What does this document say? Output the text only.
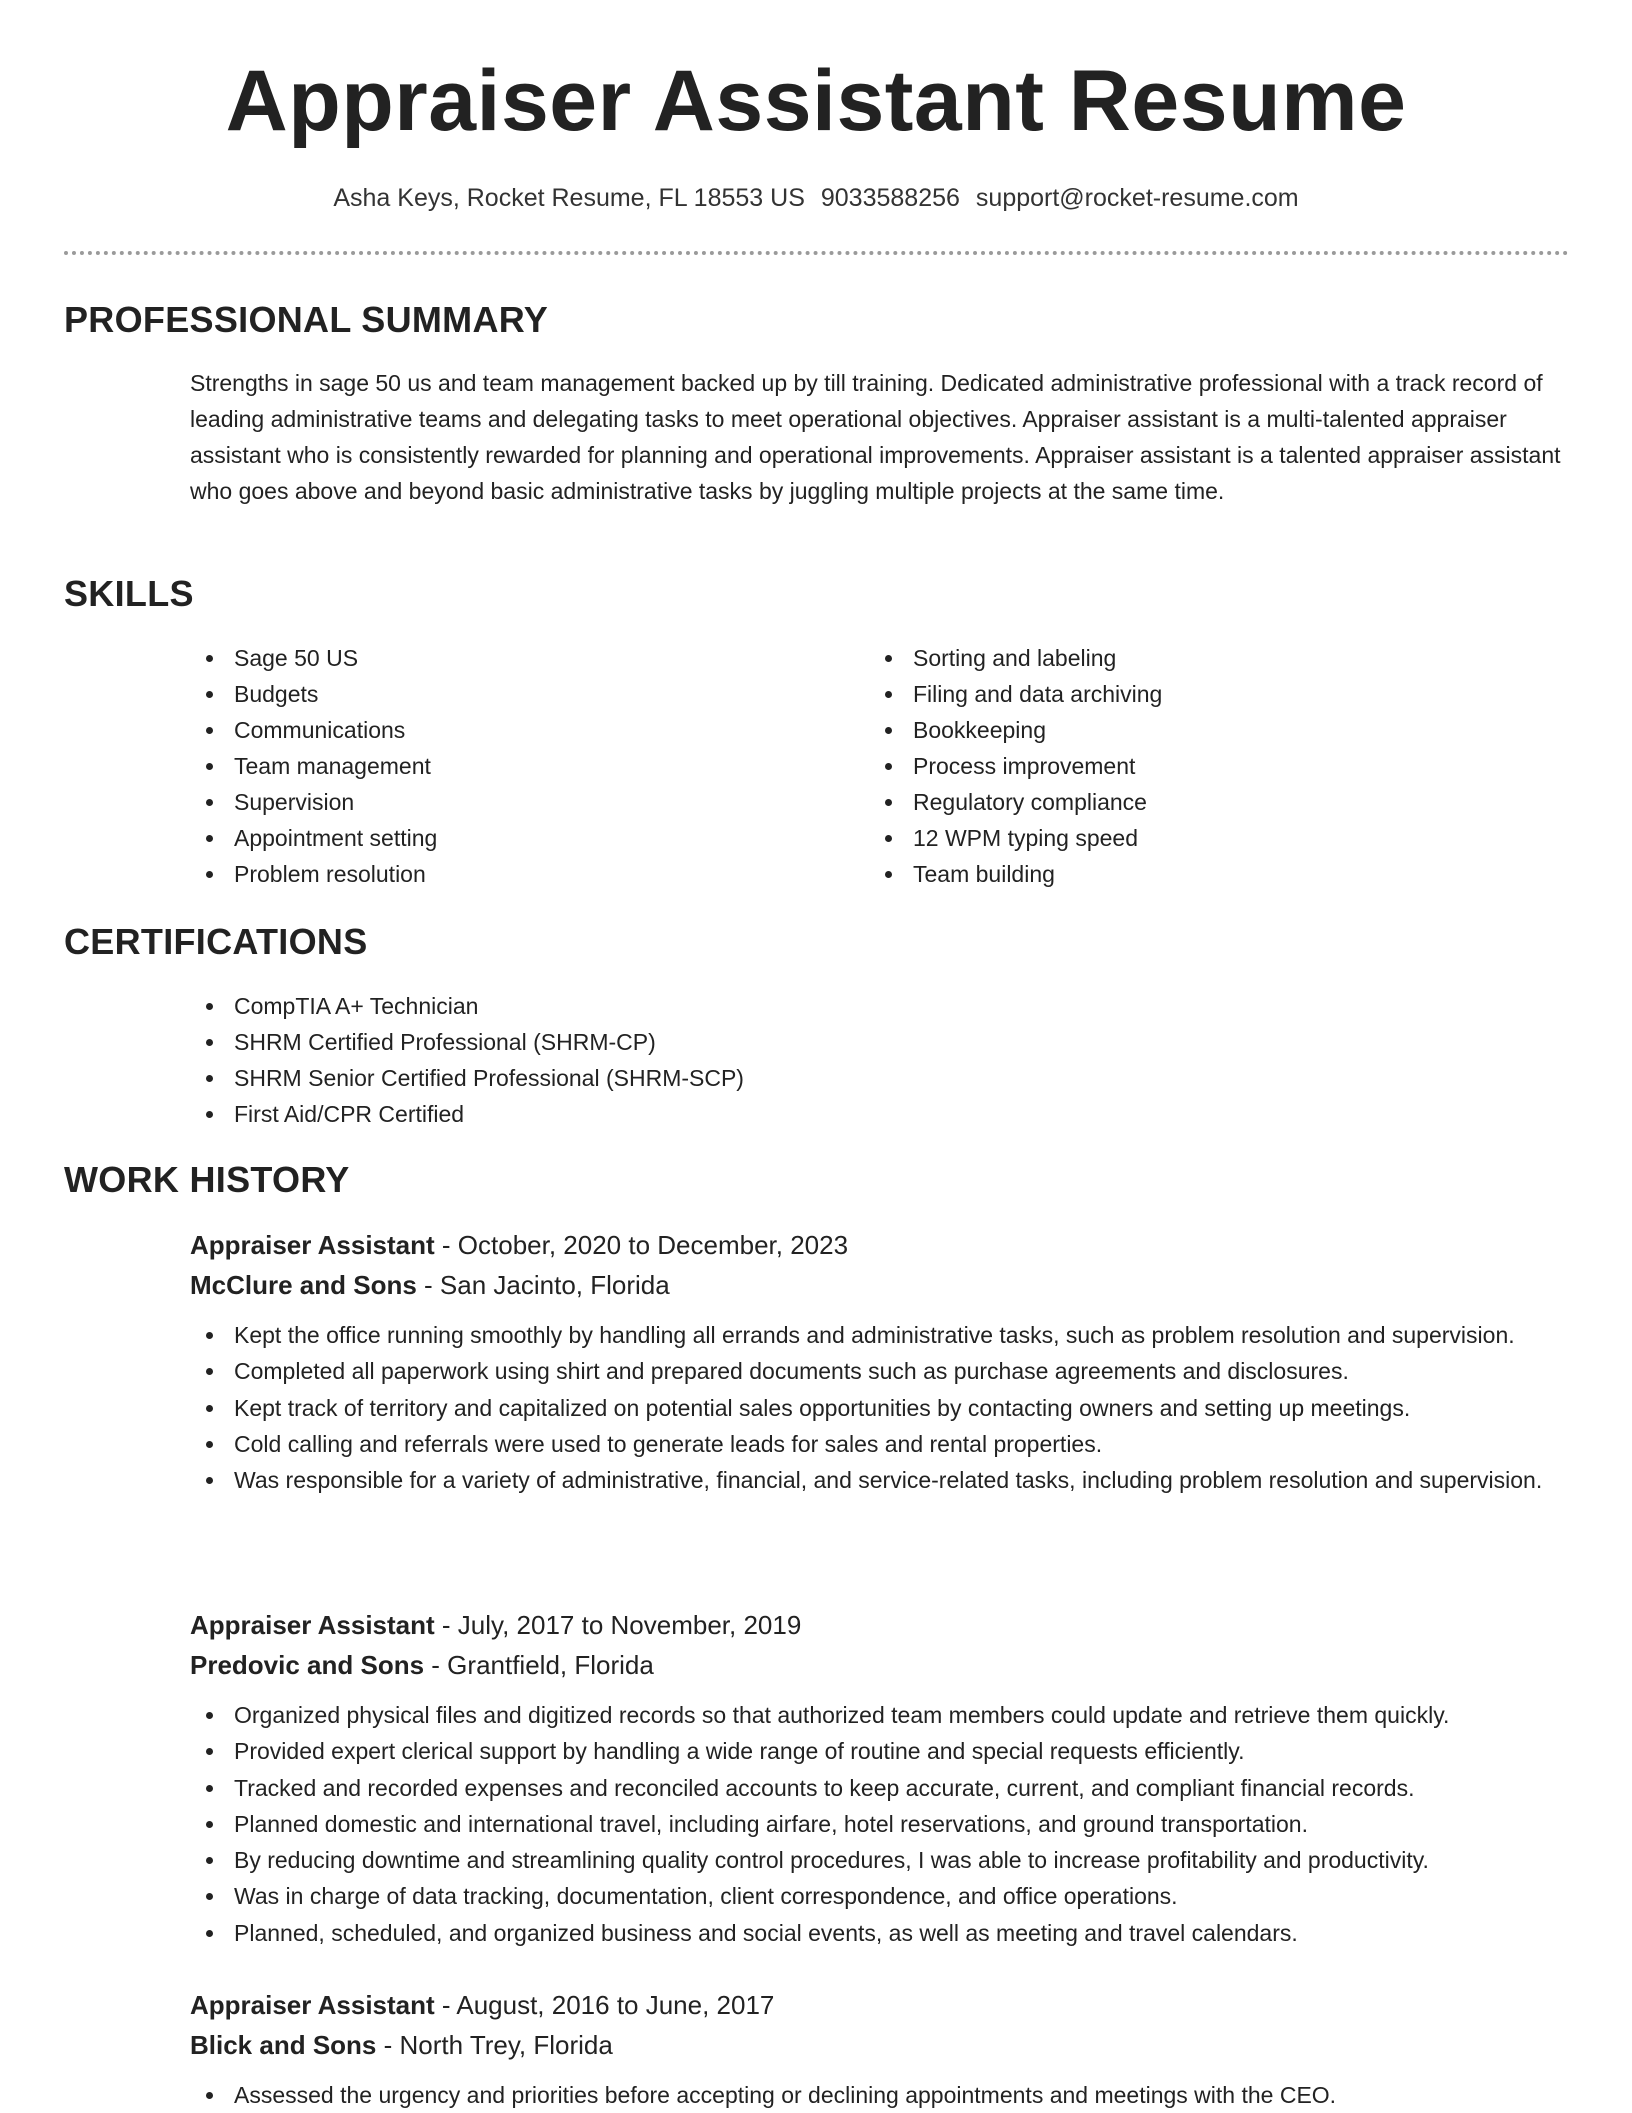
Appraiser Assistant Resume
Asha Keys, Rocket Resume, FL 18553 US 9033588256 support@rocket-resume.com
PROFESSIONAL SUMMARY

Strengths in sage 50 us and team management backed up by till training. Dedicated administrative professional with a track record of leading administrative teams and delegating tasks to meet operational objectives. Appraiser assistant is a multi-talented appraiser assistant who is consistently rewarded for planning and operational improvements. Appraiser assistant is a talented appraiser assistant who goes above and beyond basic administrative tasks by juggling multiple projects at the same time.

SKILLS
Sage 50 US
Budgets
Communications
Team management
Supervision
Appointment setting
Problem resolution
Sorting and labeling
Filing and data archiving
Bookkeeping
Process improvement
Regulatory compliance
12 WPM typing speed
Team building
CERTIFICATIONS
CompTIA A+ Technician
SHRM Certified Professional (SHRM-CP)
SHRM Senior Certified Professional (SHRM-SCP)
First Aid/CPR Certified
WORK HISTORY

Appraiser Assistant - October, 2020 to December, 2023

McClure and Sons - San Jacinto, Florida

Kept the office running smoothly by handling all errands and administrative tasks, such as problem resolution and supervision.
Completed all paperwork using shirt and prepared documents such as purchase agreements and disclosures.
Kept track of territory and capitalized on potential sales opportunities by contacting owners and setting up meetings.
Cold calling and referrals were used to generate leads for sales and rental properties.
Was responsible for a variety of administrative, financial, and service-related tasks, including problem resolution and supervision.

Appraiser Assistant - July, 2017 to November, 2019

Predovic and Sons - Grantfield, Florida

Organized physical files and digitized records so that authorized team members could update and retrieve them quickly.
Provided expert clerical support by handling a wide range of routine and special requests efficiently.
Tracked and recorded expenses and reconciled accounts to keep accurate, current, and compliant financial records.
Planned domestic and international travel, including airfare, hotel reservations, and ground transportation.
By reducing downtime and streamlining quality control procedures, I was able to increase profitability and productivity.
Was in charge of data tracking, documentation, client correspondence, and office operations.
Planned, scheduled, and organized business and social events, as well as meeting and travel calendars.

Appraiser Assistant - August, 2016 to June, 2017

Blick and Sons - North Trey, Florida

Assessed the urgency and priorities before accepting or declining appointments and meetings with the CEO.
